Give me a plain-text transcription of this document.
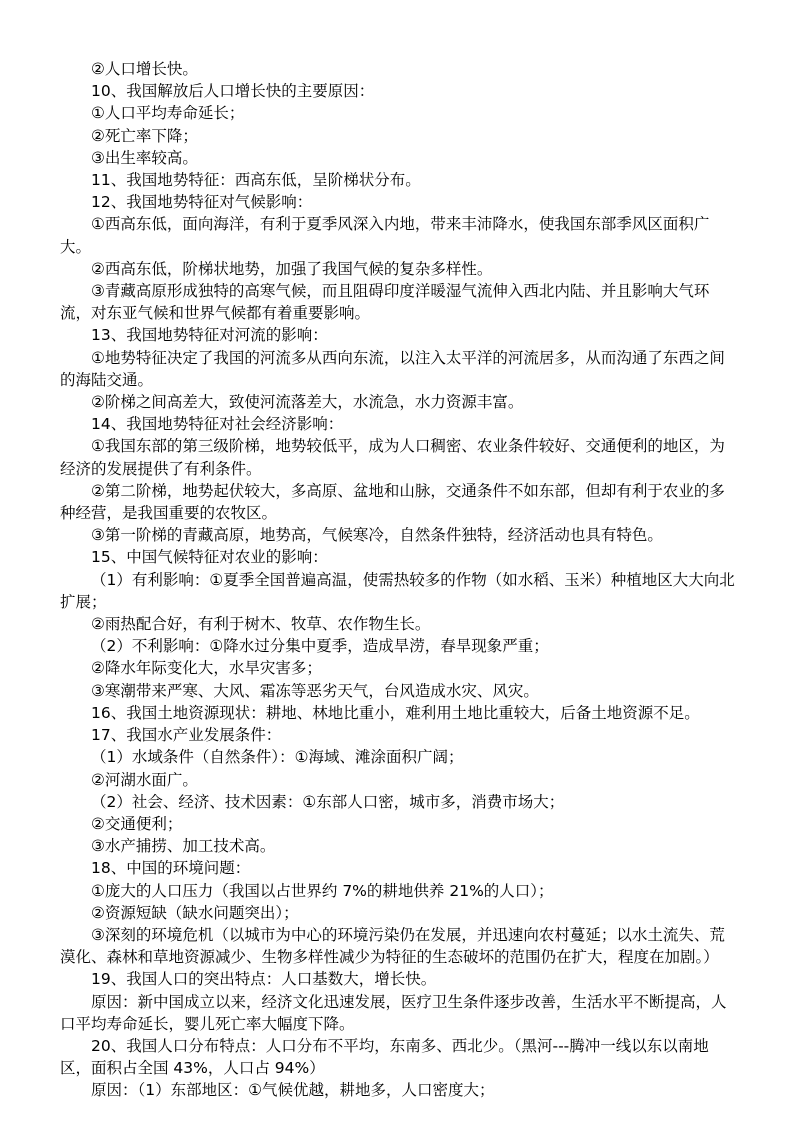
②人口增长快。

10、我国解放后人口增长快的主要原因：

①人口平均寿命延长；

②死亡率下降；

③出生率较高。

11、我国地势特征：西高东低，呈阶梯状分布。

12、我国地势特征对气候影响：

①西高东低，面向海洋，有利于夏季风深入内地，带来丰沛降水，使我国东部季风区面积广大。

②西高东低，阶梯状地势，加强了我国气候的复杂多样性。

③青藏高原形成独特的高寒气候，而且阻碍印度洋暖湿气流伸入西北内陆、并且影响大气环流，对东亚气候和世界气候都有着重要影响。

13、我国地势特征对河流的影响：

①地势特征决定了我国的河流多从西向东流，以注入太平洋的河流居多，从而沟通了东西之间的海陆交通。

②阶梯之间高差大，致使河流落差大，水流急，水力资源丰富。

14、我国地势特征对社会经济影响：

①我国东部的第三级阶梯，地势较低平，成为人口稠密、农业条件较好、交通便利的地区，为经济的发展提供了有利条件。

②第二阶梯，地势起伏较大，多高原、盆地和山脉，交通条件不如东部，但却有利于农业的多种经营，是我国重要的农牧区。

③第一阶梯的青藏高原，地势高，气候寒冷，自然条件独特，经济活动也具有特色。

15、中国气候特征对农业的影响：

（1）有利影响：①夏季全国普遍高温，使需热较多的作物（如水稻、玉米）种植地区大大向北扩展；

②雨热配合好，有利于树木、牧草、农作物生长。

（2）不利影响：①降水过分集中夏季，造成旱涝，春旱现象严重；

②降水年际变化大，水旱灾害多；

③寒潮带来严寒、大风、霜冻等恶劣天气，台风造成水灾、风灾。

16、我国土地资源现状：耕地、林地比重小，难利用土地比重较大，后备土地资源不足。

17、我国水产业发展条件：

（1）水域条件（自然条件）：①海域、滩涂面积广阔；

②河湖水面广。

（2）社会、经济、技术因素：①东部人口密，城市多，消费市场大；

②交通便利；

③水产捕捞、加工技术高。

18、中国的环境问题：

①庞大的人口压力（我国以占世界约 7%的耕地供养 21%的人口）；

②资源短缺（缺水问题突出）；

③深刻的环境危机（以城市为中心的环境污染仍在发展，并迅速向农村蔓延；以水土流失、荒漠化、森林和草地资源减少、生物多样性减少为特征的生态破坏的范围仍在扩大，程度在加剧。）

19、我国人口的突出特点：人口基数大，增长快。

原因：新中国成立以来，经济文化迅速发展，医疗卫生条件逐步改善，生活水平不断提高，人口平均寿命延长，婴儿死亡率大幅度下降。

20、我国人口分布特点：人口分布不平均，东南多、西北少。（黑河---腾冲一线以东以南地区，面积占全国 43%，人口占 94%）

原因：（1）东部地区：①气候优越，耕地多，人口密度大；
